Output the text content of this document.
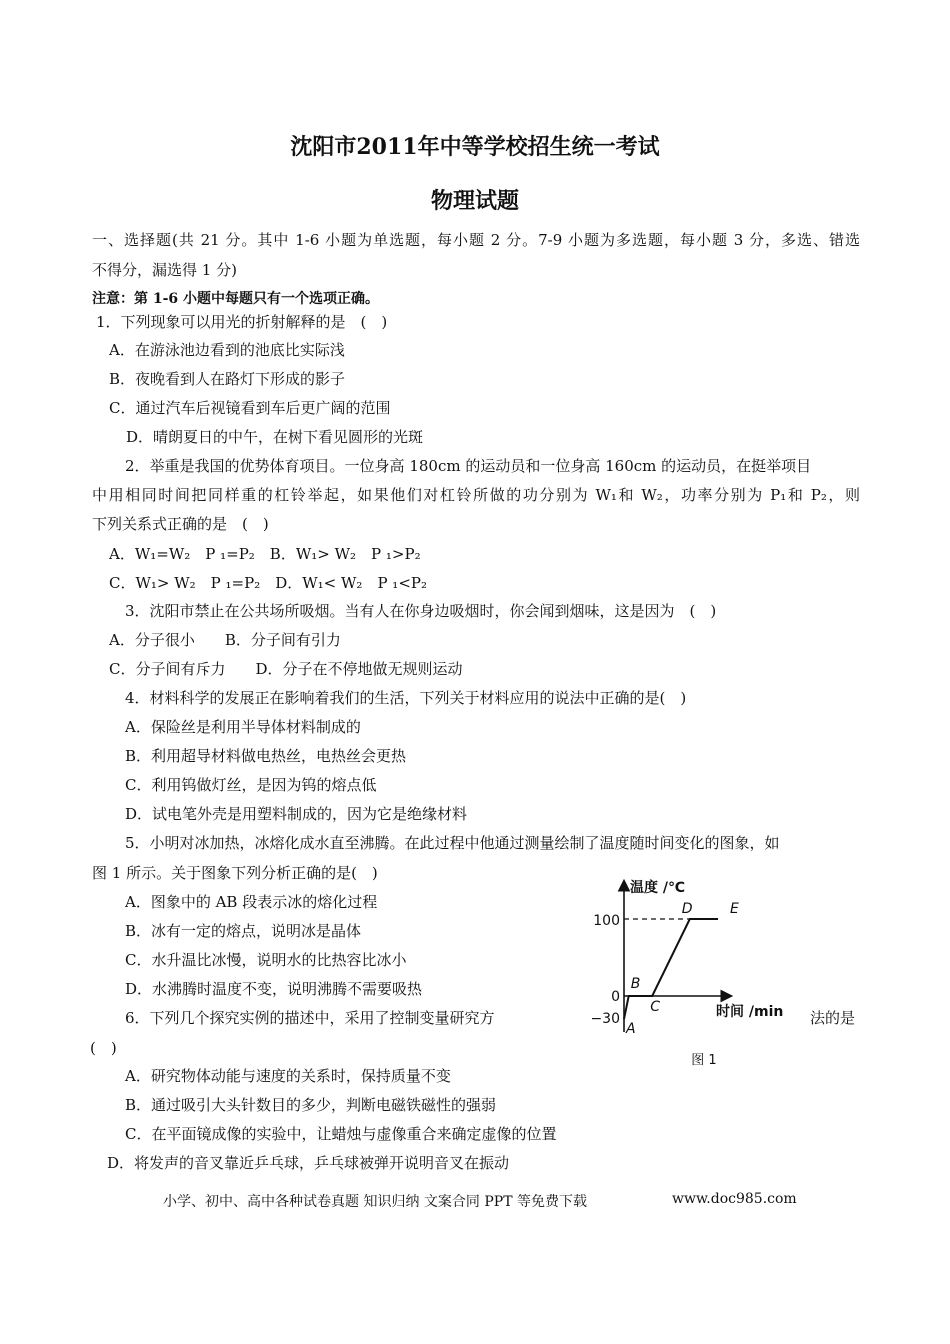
沈阳市2011年中等学校招生统一考试
物理试题
一、选择题(共 21 分。其中 1-6 小题为单选题，每小题 2 分。7-9 小题为多选题，每小题 3 分，多选、错选
不得分，漏选得 1 分)
注意：第 1-6 小题中每题只有一个选项正确。
1．下列现象可以用光的折射解释的是　(　)
A．在游泳池边看到的池底比实际浅
B．夜晚看到人在路灯下形成的影子
C．通过汽车后视镜看到车后更广阔的范围
D．晴朗夏日的中午，在树下看见圆形的光斑
2．举重是我国的优势体育项目。一位身高 180cm 的运动员和一位身高 160cm 的运动员，在挺举项目
中用相同时间把同样重的杠铃举起，如果他们对杠铃所做的功分别为 W₁和 W₂，功率分别为 P₁和 P₂，则
下列关系式正确的是　(　)
A．W₁=W₂　P ₁=P₂　B．W₁> W₂　P ₁>P₂
C．W₁> W₂　P ₁=P₂　D．W₁< W₂　P ₁<P₂
3．沈阳市禁止在公共场所吸烟。当有人在你身边吸烟时，你会闻到烟味，这是因为　(　)
A．分子很小　　B．分子间有引力
C．分子间有斥力　　D．分子在不停地做无规则运动
4．材料科学的发展正在影响着我们的生活，下列关于材料应用的说法中正确的是(　)
A．保险丝是利用半导体材料制成的
B．利用超导材料做电热丝，电热丝会更热
C．利用钨做灯丝，是因为钨的熔点低
D．试电笔外壳是用塑料制成的，因为它是绝缘材料
5．小明对冰加热，冰熔化成水直至沸腾。在此过程中他通过测量绘制了温度随时间变化的图象，如
图 1 所示。关于图象下列分析正确的是(　)
A．图象中的 AB 段表示冰的熔化过程
B．冰有一定的熔点，说明冰是晶体
C．水升温比冰慢，说明水的比热容比冰小
D．水沸腾时温度不变，说明沸腾不需要吸热
6．下列几个探究实例的描述中，采用了控制变量研究方	法的是
(　)
A．研究物体动能与速度的关系时，保持质量不变
B．通过吸引大头针数目的多少，判断电磁铁磁性的强弱
C．在平面镜成像的实验中，让蜡烛与虚像重合来确定虚像的位置
D．将发声的音叉靠近乒乓球，乒乓球被弹开说明音叉在振动
温度 /℃
时间 /min
100
0
−30
A
B
C
D	E
图 1
小学、初中、高中各种试卷真题 知识归纳 文案合同 PPT 等免费下载	www.doc985.com
